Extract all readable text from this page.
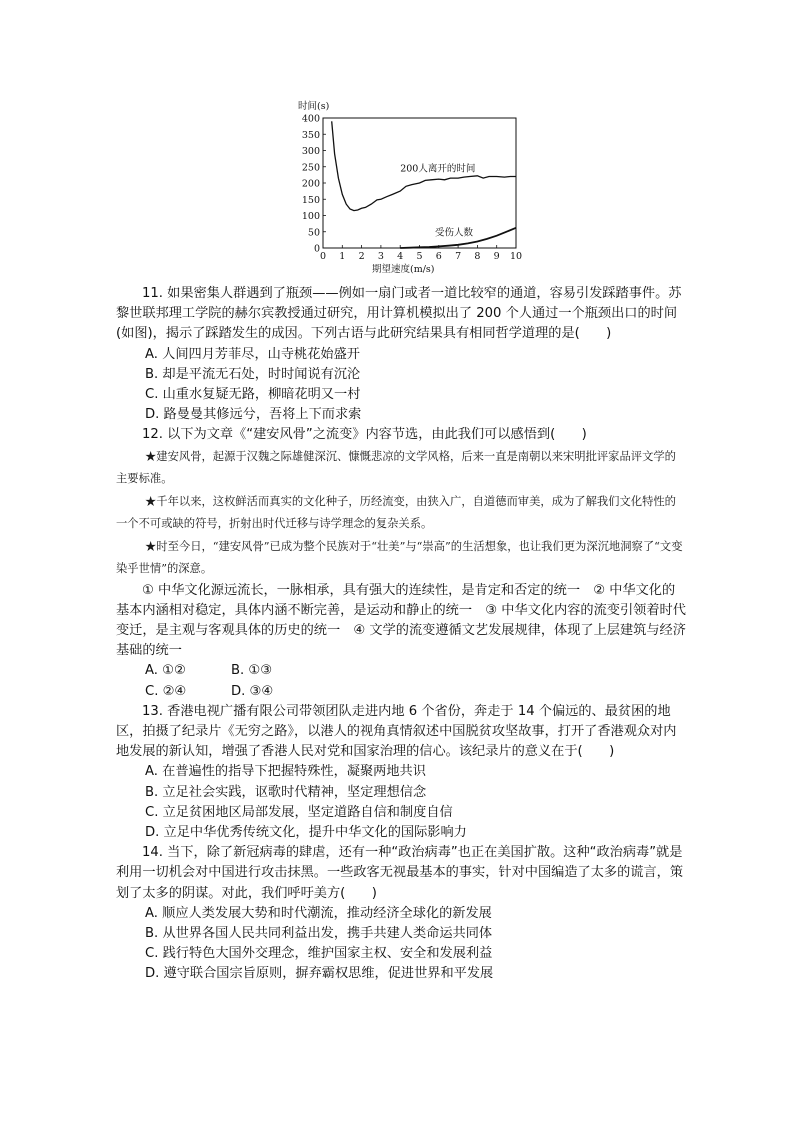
时间(s)
期望速度(m/s)
0 1 2 3 4 5 6 7 8 9 10
0
50
100
150
200
250
300
350
400
200人离开的时间
受伤人数

11. 如果密集人群遇到了瓶颈——例如一扇门或者一道比较窄的通道，容易引发踩踏事件。苏黎世联邦理工学院的赫尔宾教授通过研究，用计算机模拟出了 200 个人通过一个瓶颈出口的时间(如图)，揭示了踩踏发生的成因。下列古语与此研究结果具有相同哲学道理的是(　　)

A. 人间四月芳菲尽，山寺桃花始盛开

B. 却是平流无石处，时时闻说有沉沦

C. 山重水复疑无路，柳暗花明又一村

D. 路曼曼其修远兮，吾将上下而求索

12. 以下为文章《“建安风骨”之流变》内容节选，由此我们可以感悟到(　　)

★建安风骨，起源于汉魏之际雄健深沉、慷慨悲凉的文学风格，后来一直是南朝以来宋明批评家品评文学的主要标准。

★千年以来，这枚鲜活而真实的文化种子，历经流变，由狭入广，自道德而审美，成为了解我们文化特性的一个不可或缺的符号，折射出时代迁移与诗学理念的复杂关系。

★时至今日，“建安风骨”已成为整个民族对于“壮美”与“崇高”的生活想象，也让我们更为深沉地洞察了“文变染乎世情”的深意。

① 中华文化源远流长，一脉相承，具有强大的连续性，是肯定和否定的统一　② 中华文化的基本内涵相对稳定，具体内涵不断完善，是运动和静止的统一　③ 中华文化内容的流变引领着时代变迁，是主观与客观具体的历史的统一　④ 文学的流变遵循文艺发展规律，体现了上层建筑与经济基础的统一

A. ①②	B. ①③
C. ②④	D. ③④

13. 香港电视广播有限公司带领团队走进内地 6 个省份，奔走于 14 个偏远的、最贫困的地区，拍摄了纪录片《无穷之路》，以港人的视角真情叙述中国脱贫攻坚故事，打开了香港观众对内地发展的新认知，增强了香港人民对党和国家治理的信心。该纪录片的意义在于(　　)

A. 在普遍性的指导下把握特殊性，凝聚两地共识

B. 立足社会实践，讴歌时代精神，坚定理想信念

C. 立足贫困地区局部发展，坚定道路自信和制度自信

D. 立足中华优秀传统文化，提升中华文化的国际影响力

14. 当下，除了新冠病毒的肆虐，还有一种“政治病毒”也正在美国扩散。这种“政治病毒”就是利用一切机会对中国进行攻击抹黑。一些政客无视最基本的事实，针对中国编造了太多的谎言，策划了太多的阴谋。对此，我们呼吁美方(　　)

A. 顺应人类发展大势和时代潮流，推动经济全球化的新发展

B. 从世界各国人民共同利益出发，携手共建人类命运共同体

C. 践行特色大国外交理念，维护国家主权、安全和发展利益

D. 遵守联合国宗旨原则，摒弃霸权思维，促进世界和平发展
